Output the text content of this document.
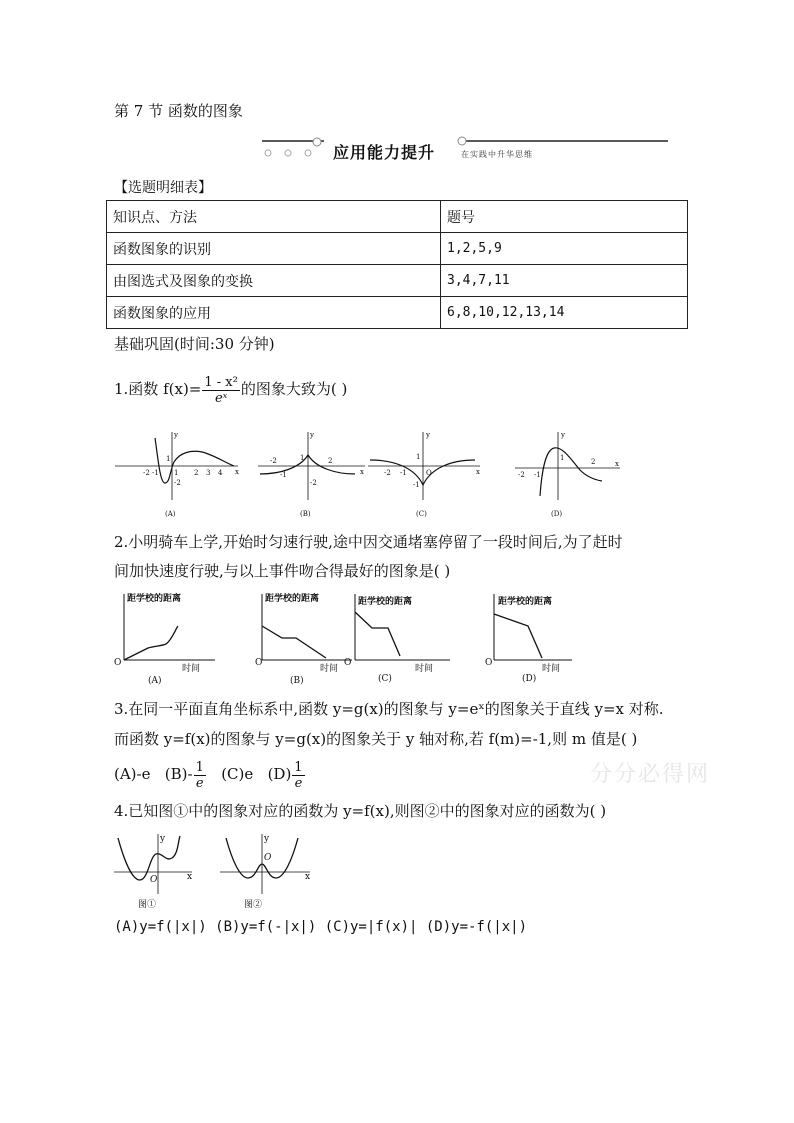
第 7 节 函数的图象
应用能力提升	在实践中升华思维
【选题明细表】
知识点、方法	题号
函数图象的识别	1,2,5,9
由图选式及图象的变换	3,4,7,11
函数图象的应用	6,8,10,12,13,14
基础巩固(时间:30 分钟)
1.函数 $f(x)= \frac{\text{1 - x²}}{\text{eˣ}}$ 的图象大致为( )
-2 -1 1 2 3 4 x
y
1
-2
(A)
-2	2
-1
-2
x
y
1
(B)
-2 -1	O	x
y
1
-1
(C)
-2 -1
2	x
y
1
(D)
2.小明骑车上学,开始时匀速行驶,途中因交通堵塞停留了一段时间后,为了赶时
间加快速度行驶,与以上事件吻合得最好的图象是( )
距学校的距离
O
时间
(A)
距学校的距离
O
时间
(B)
距学校的距离
O
时间
(C)
距学校的距离
O
时间
(D)
3.在同一平面直角坐标系中,函数 y=g(x)的图象与 y=eˣ的图象关于直线 y=x 对称.
而函数 y=f(x)的图象与 y=g(x)的图象关于 y 轴对称,若 f(m)=-1,则 m 值是( )
(A)-e $(B)- \frac{1}{e} (C)e$ $(D) \frac{1}{e}$	分分必得网
4.已知图①中的图象对应的函数为 y=f(x),则图②中的图象对应的函数为( )
x
y
O
图①
x
y
O
图②
(A)y=f(|x|) (B)y=f(-|x|) (C)y=|f(x)| (D)y=-f(|x|)
